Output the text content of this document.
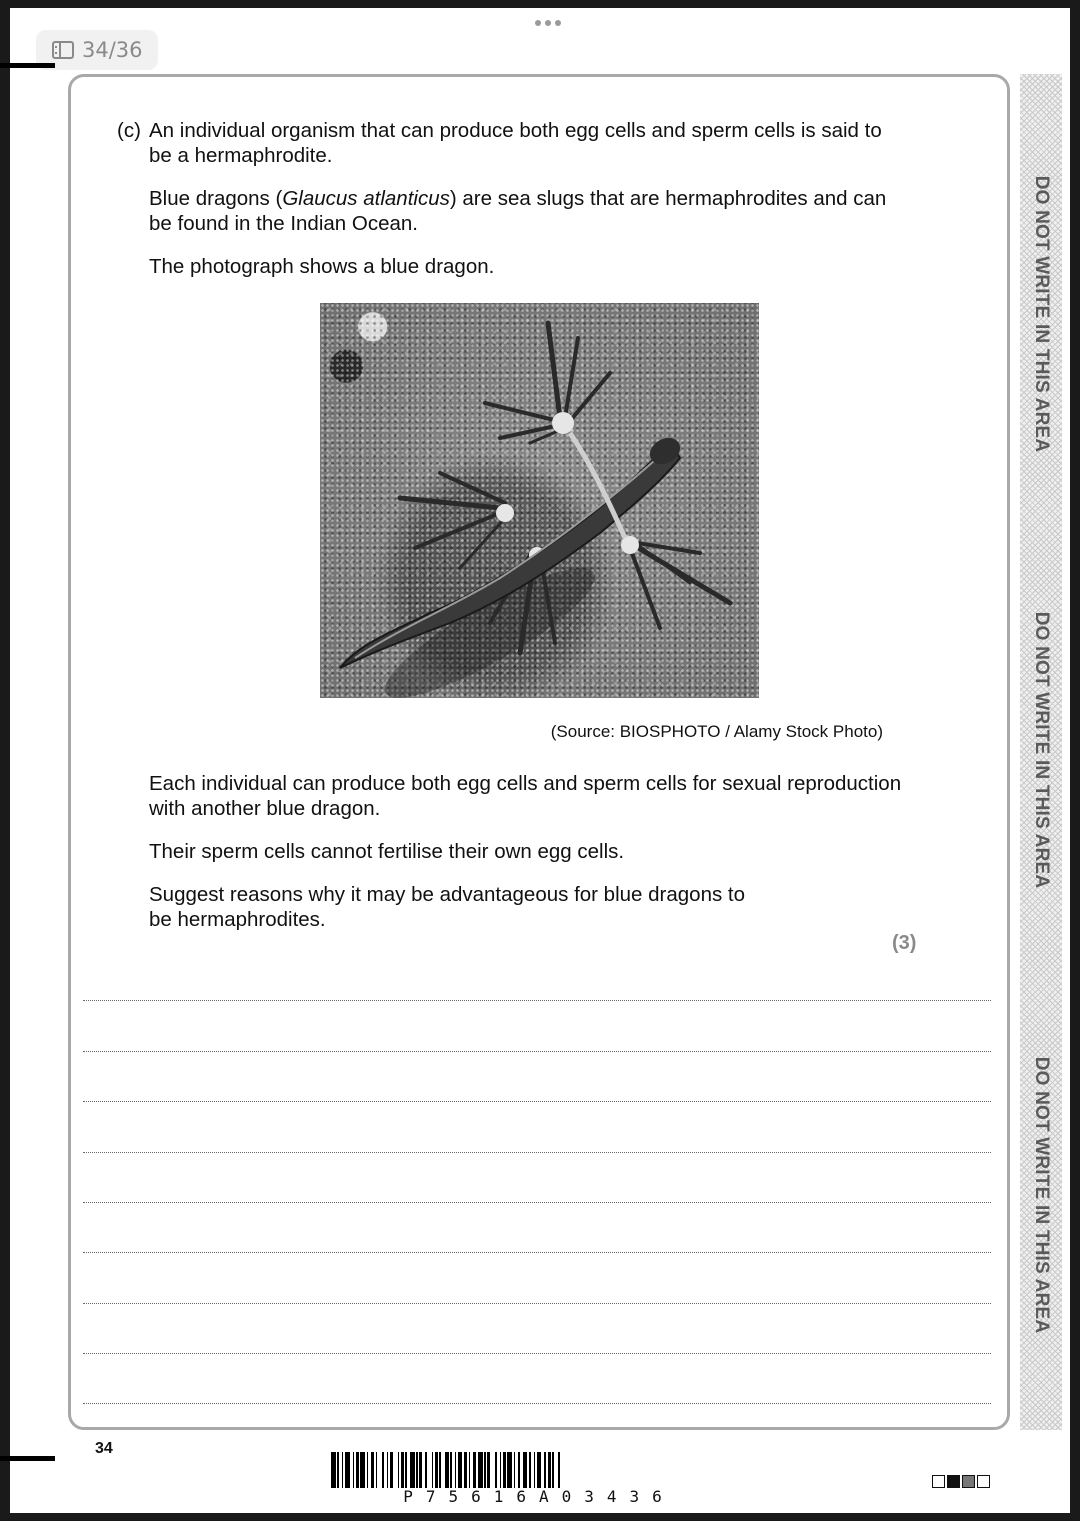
34/36
DO NOT WRITE IN THIS AREA
DO NOT WRITE IN THIS AREA
DO NOT WRITE IN THIS AREA
(c) An individual organism that can produce both egg cells and sperm cells is said to be a hermaphrodite.
Blue dragons (Glaucus atlanticus) are sea slugs that are hermaphrodites and can be found in the Indian Ocean.
The photograph shows a blue dragon.
(Source: BIOSPHOTO / Alamy Stock Photo)
Each individual can produce both egg cells and sperm cells for sexual reproduction with another blue dragon.
Their sperm cells cannot fertilise their own egg cells.
Suggest reasons why it may be advantageous for blue dragons to be hermaphrodites.
(3)
34
P75616A03436
